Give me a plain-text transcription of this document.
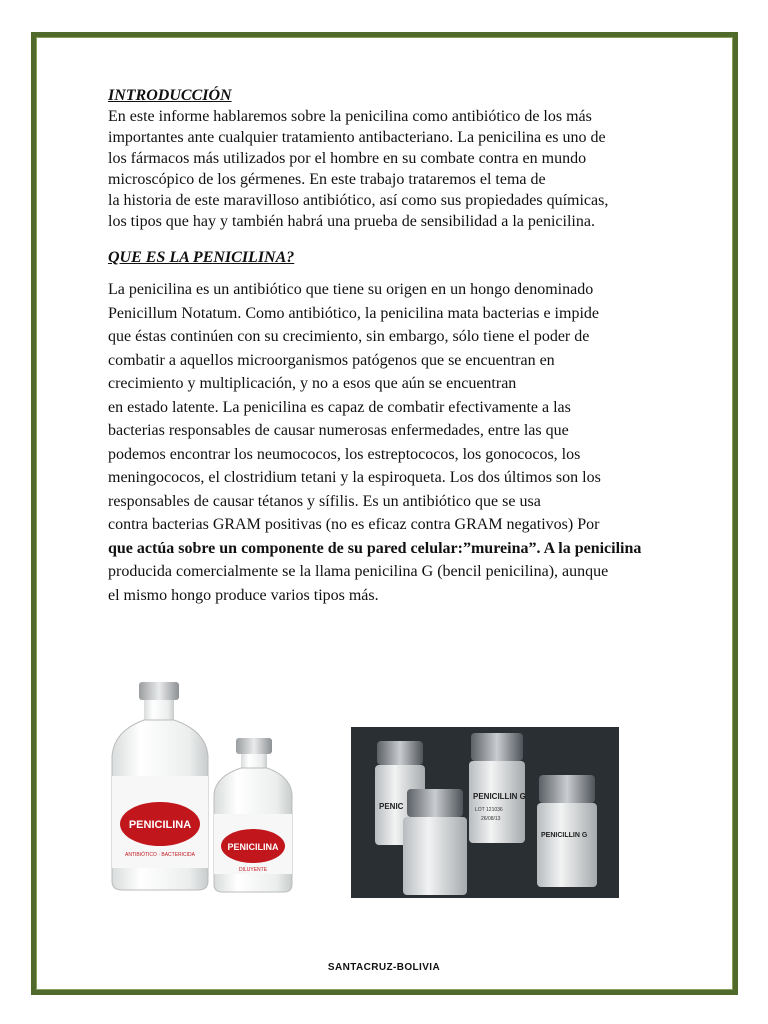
INTRODUCCIÓN

En este informe hablaremos sobre la penicilina como antibiótico de los más
importantes ante cualquier tratamiento antibacteriano. La penicilina es uno de
los fármacos más utilizados por el hombre en su combate contra en mundo
microscópico de los gérmenes. En este trabajo trataremos el tema de
la historia de este maravilloso antibiótico, así como sus propiedades químicas,
los tipos que hay y también habrá una prueba de sensibilidad a la penicilina.

QUE ES LA PENICILINA?

La penicilina es un antibiótico que tiene su origen en un hongo denominado
Penicillum Notatum. Como antibiótico, la penicilina mata bacterias e impide
que éstas continúen con su crecimiento, sin embargo, sólo tiene el poder de
combatir a aquellos microorganismos patógenos que se encuentran en
crecimiento y multiplicación, y no a esos que aún se encuentran
en estado latente. La penicilina es capaz de combatir efectivamente a las
bacterias responsables de causar numerosas enfermedades, entre las que
podemos encontrar los neumococos, los estreptococos, los gonococos, los
meningococos, el clostridium tetani y la espiroqueta. Los dos últimos son los
responsables de causar tétanos y sífilis. Es un antibiótico que se usa
contra bacterias GRAM positivas (no es eficaz contra GRAM negativos) Por
que actúa sobre un componente de su pared celular:”mureina”. A la penicilina
producida comercialmente se la llama penicilina G (bencil penicilina), aunque
el mismo hongo produce varios tipos más.

PENICILINA
ANTIBIÓTICO · BACTERICIDA
PENICILINA
DILUYENTE
PENIC
PENICILLIN G
LOT 121036
26/08/13
PENICILLIN G
SANTACRUZ-BOLIVIA
